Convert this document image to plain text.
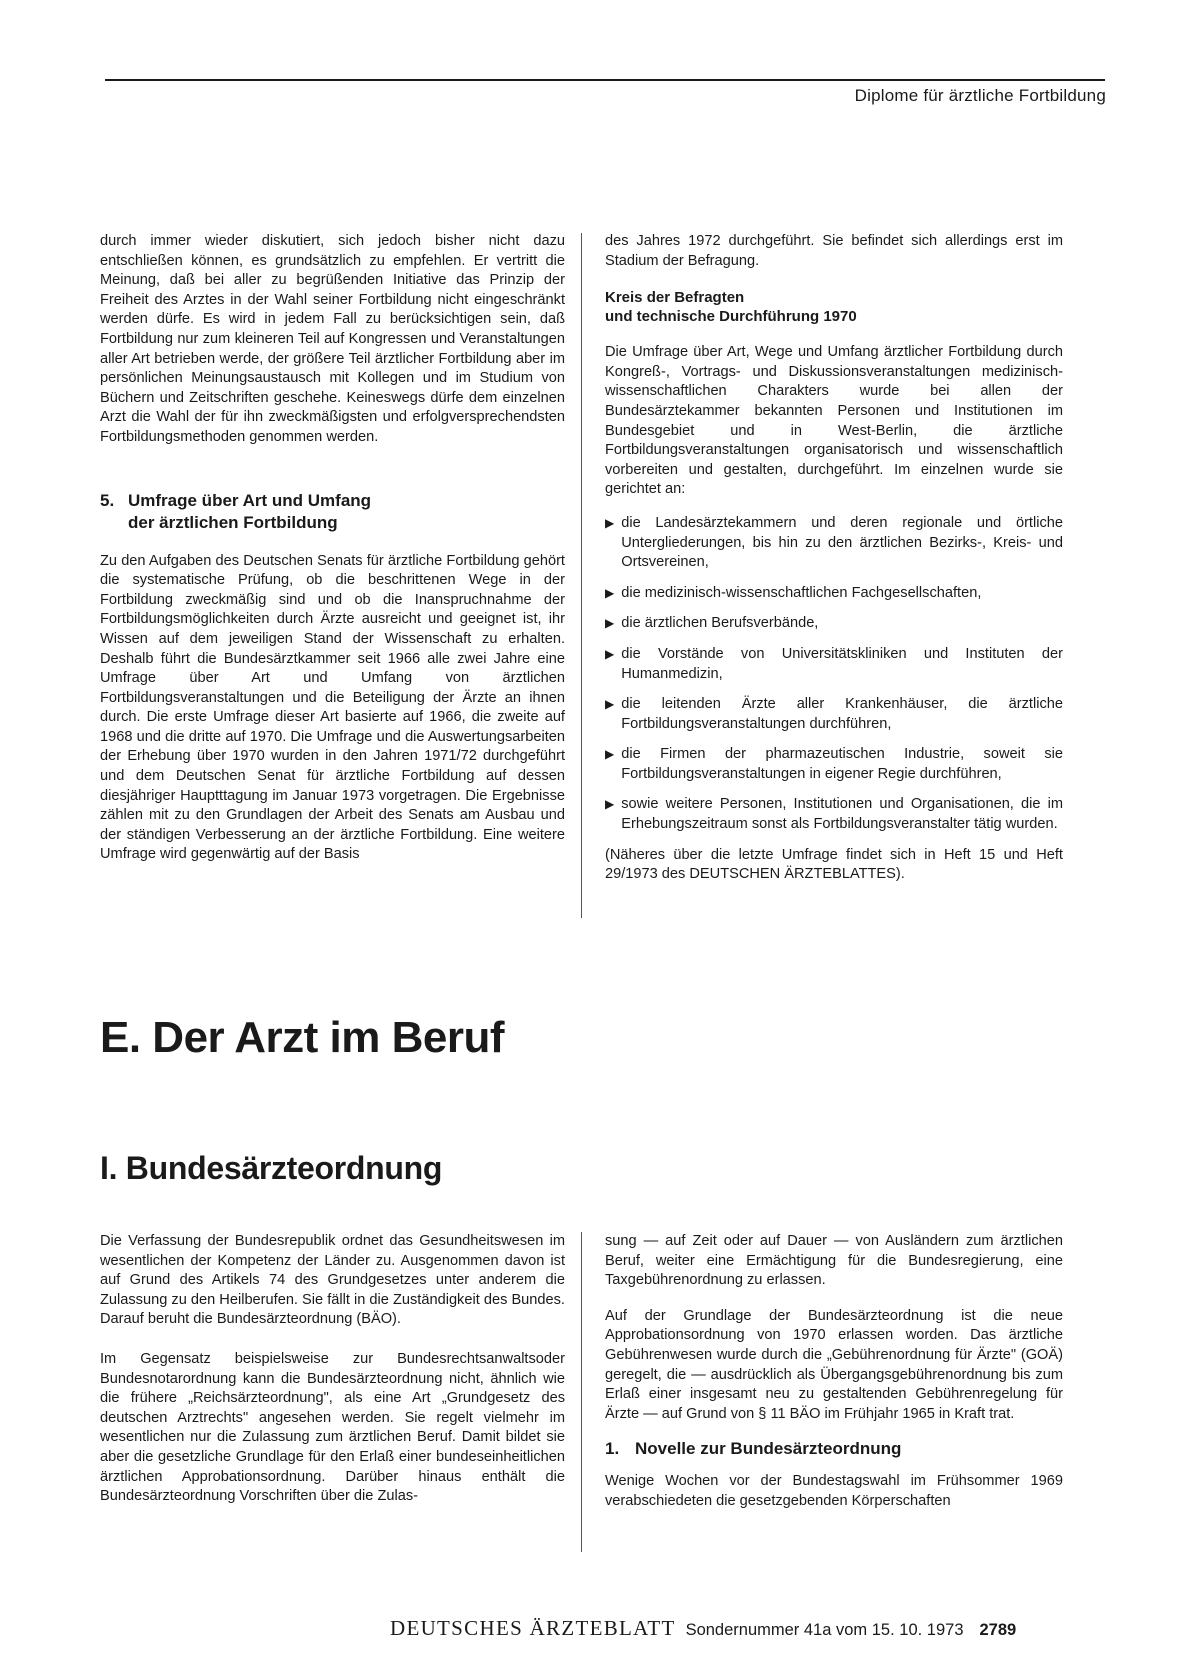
Diplome für ärztliche Fortbildung

durch immer wieder diskutiert, sich jedoch bisher nicht dazu entschließen können, es grundsätzlich zu empfehlen. Er vertritt die Meinung, daß bei aller zu begrüßenden Initiative das Prinzip der Freiheit des Arztes in der Wahl seiner Fortbildung nicht eingeschränkt werden dürfe. Es wird in jedem Fall zu berücksichtigen sein, daß Fortbildung nur zum kleineren Teil auf Kongressen und Veranstaltungen aller Art betrieben werde, der größere Teil ärztlicher Fortbildung aber im persönlichen Meinungsaustausch mit Kollegen und im Studium von Büchern und Zeitschriften geschehe. Keineswegs dürfe dem einzelnen Arzt die Wahl der für ihn zweckmäßigsten und erfolgversprechendsten Fortbildungsmethoden genommen werden.

5. Umfrage über Art und Umfang
der ärztlichen Fortbildung

Zu den Aufgaben des Deutschen Senats für ärztliche Fortbildung gehört die systematische Prüfung, ob die beschrittenen Wege in der Fortbildung zweckmäßig sind und ob die Inanspruchnahme der Fortbildungsmöglichkeiten durch Ärzte ausreicht und geeignet ist, ihr Wissen auf dem jeweiligen Stand der Wissenschaft zu erhalten. Deshalb führt die Bundesärztkammer seit 1966 alle zwei Jahre eine Umfrage über Art und Umfang von ärztlichen Fortbildungsveranstaltungen und die Beteiligung der Ärzte an ihnen durch. Die erste Umfrage dieser Art basierte auf 1966, die zweite auf 1968 und die dritte auf 1970. Die Umfrage und die Auswertungsarbeiten der Erhebung über 1970 wurden in den Jahren 1971/72 durchgeführt und dem Deutschen Senat für ärztliche Fortbildung auf dessen diesjähriger Hauptttagung im Januar 1973 vorgetragen. Die Ergebnisse zählen mit zu den Grundlagen der Arbeit des Senats am Ausbau und der ständigen Verbesserung an der ärztliche Fortbildung. Eine weitere Umfrage wird gegenwärtig auf der Basis

des Jahres 1972 durchgeführt. Sie befindet sich allerdings erst im Stadium der Befragung.

Kreis der Befragten
und technische Durchführung 1970

Die Umfrage über Art, Wege und Umfang ärztlicher Fortbildung durch Kongreß-, Vortrags- und Diskussionsveranstaltungen medizinisch-wissenschaftlichen Charakters wurde bei allen der Bundesärztekammer bekannten Personen und Institutionen im Bundesgebiet und in West-Berlin, die ärztliche Fortbildungsveranstaltungen organisatorisch und wissenschaftlich vorbereiten und gestalten, durchgeführt. Im einzelnen wurde sie gerichtet an:

▶ die Landesärztekammern und deren regionale und örtliche Untergliederungen, bis hin zu den ärztlichen Bezirks-, Kreis- und Ortsvereinen,
▶ die medizinisch-wissenschaftlichen Fachgesellschaften,
▶ die ärztlichen Berufsverbände,
▶ die Vorstände von Universitätskliniken und Instituten der Humanmedizin,
▶ die leitenden Ärzte aller Krankenhäuser, die ärztliche Fortbildungsveranstaltungen durchführen,
▶ die Firmen der pharmazeutischen Industrie, soweit sie Fortbildungsveranstaltungen in eigener Regie durchführen,
▶ sowie weitere Personen, Institutionen und Organisationen, die im Erhebungszeitraum sonst als Fortbildungsveranstalter tätig wurden.

(Näheres über die letzte Umfrage findet sich in Heft 15 und Heft 29/1973 des DEUTSCHEN ÄRZTEBLATTES).

E. Der Arzt im Beruf
I. Bundesärzteordnung

Die Verfassung der Bundesrepublik ordnet das Gesundheitswesen im wesentlichen der Kompetenz der Länder zu. Ausgenommen davon ist auf Grund des Artikels 74 des Grundgesetzes unter anderem die Zulassung zu den Heilberufen. Sie fällt in die Zuständigkeit des Bundes. Darauf beruht die Bundesärzteordnung (BÄO).

Im Gegensatz beispielsweise zur Bundesrechtsanwaltsoder Bundesnotarordnung kann die Bundesärzteordnung nicht, ähnlich wie die frühere „Reichsärzteordnung", als eine Art „Grundgesetz des deutschen Arztrechts" angesehen werden. Sie regelt vielmehr im wesentlichen nur die Zulassung zum ärztlichen Beruf. Damit bildet sie aber die gesetzliche Grundlage für den Erlaß einer bundeseinheitlichen ärztlichen Approbationsordnung. Darüber hinaus enthält die Bundesärzteordnung Vorschriften über die Zulas-

sung — auf Zeit oder auf Dauer — von Ausländern zum ärztlichen Beruf, weiter eine Ermächtigung für die Bundesregierung, eine Taxgebührenordnung zu erlassen.

Auf der Grundlage der Bundesärzteordnung ist die neue Approbationsordnung von 1970 erlassen worden. Das ärztliche Gebührenwesen wurde durch die „Gebührenordnung für Ärzte" (GOÄ) geregelt, die — ausdrücklich als Übergangsgebührenordnung bis zum Erlaß einer insgesamt neu zu gestaltenden Gebührenregelung für Ärzte — auf Grund von § 11 BÄO im Frühjahr 1965 in Kraft trat.

1. Novelle zur Bundesärzteordnung

Wenige Wochen vor der Bundestagswahl im Frühsommer 1969 verabschiedeten die gesetzgebenden Körperschaften

DEUTSCHES ÄRZTEBLATT Sondernummer 41a vom 15. 10. 1973 2789
